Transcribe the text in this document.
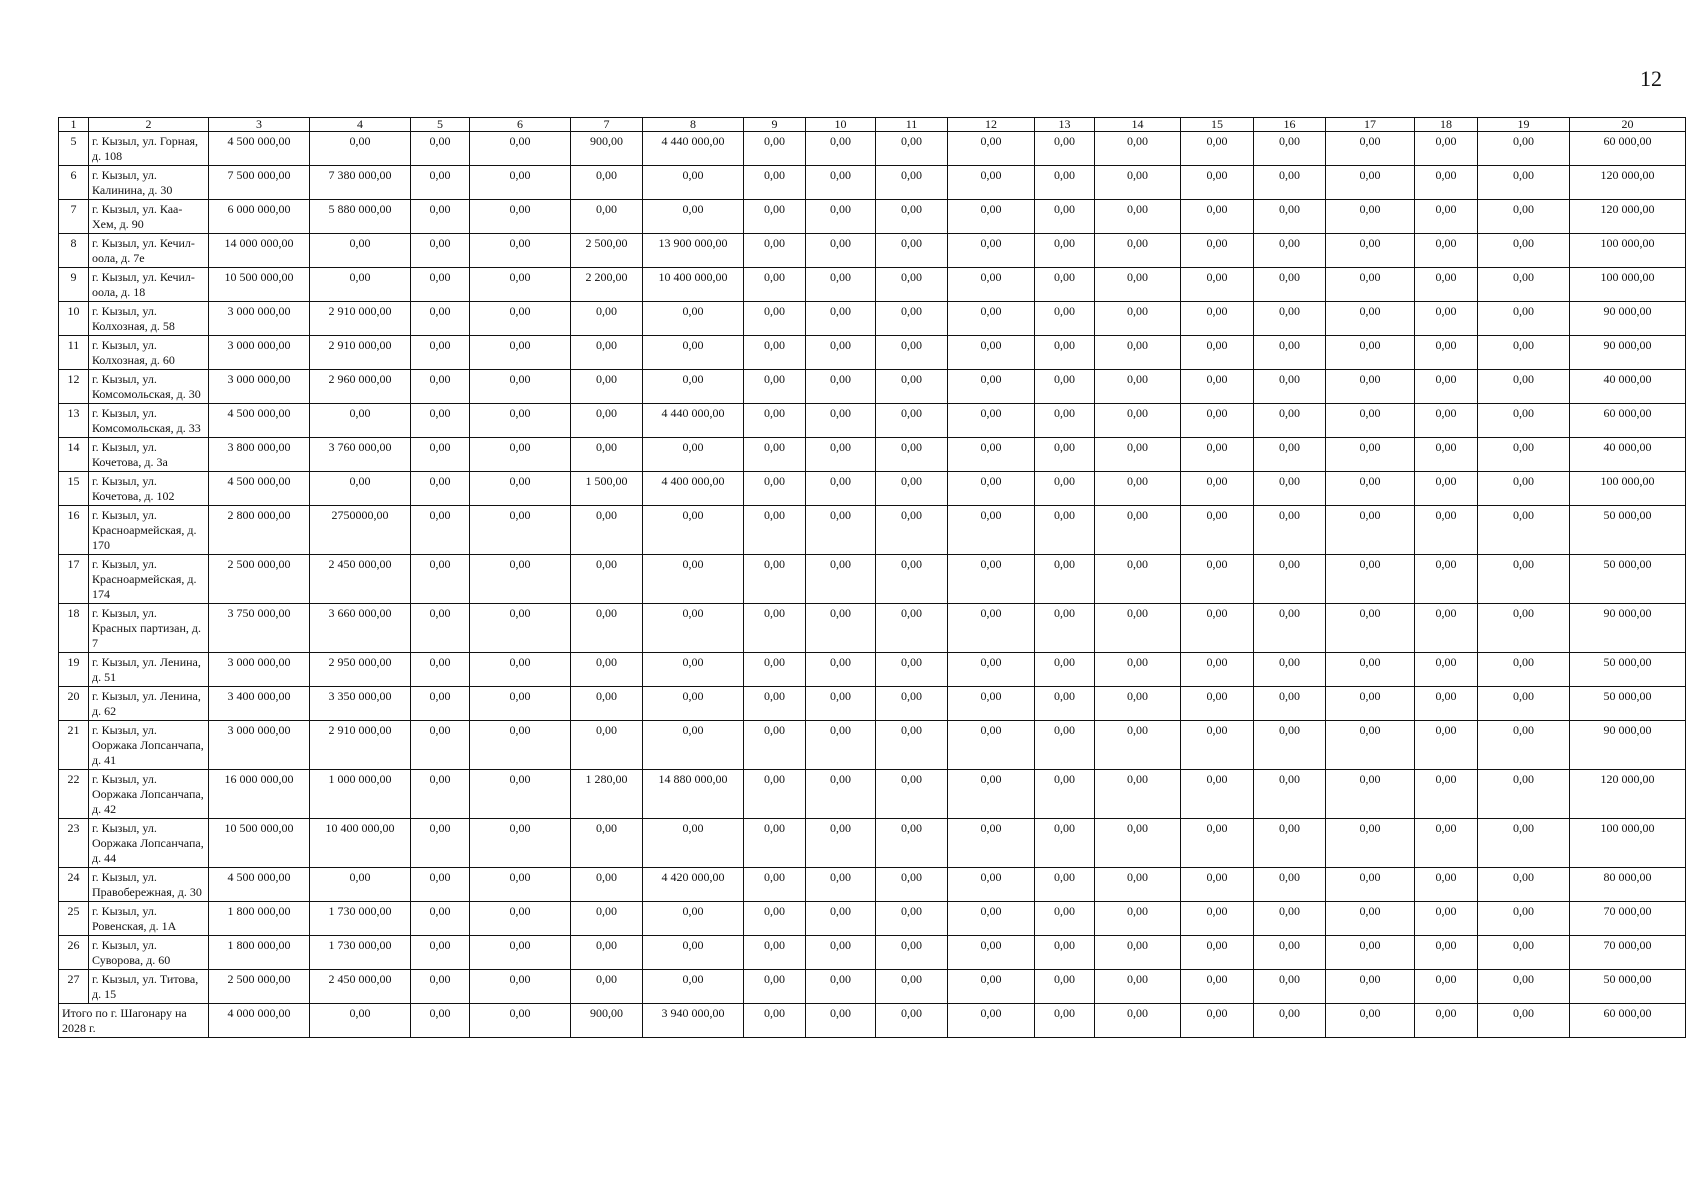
12
1	2	3	4	5	6	7	8	9	10	11	12	13	14	15	16	17	18	19	20
5	г. Кызыл, ул. Горная, д. 108	4 500 000,00	0,00	0,00	0,00	900,00	4 440 000,00	0,00	0,00	0,00	0,00	0,00	0,00	0,00	0,00	0,00	0,00	0,00	60 000,00
6	г. Кызыл, ул. Калинина, д. 30	7 500 000,00	7 380 000,00	0,00	0,00	0,00	0,00	0,00	0,00	0,00	0,00	0,00	0,00	0,00	0,00	0,00	0,00	0,00	120 000,00
7	г. Кызыл, ул. Каа-Хем, д. 90	6 000 000,00	5 880 000,00	0,00	0,00	0,00	0,00	0,00	0,00	0,00	0,00	0,00	0,00	0,00	0,00	0,00	0,00	0,00	120 000,00
8	г. Кызыл, ул. Кечил-оола, д. 7е	14 000 000,00	0,00	0,00	0,00	2 500,00	13 900 000,00	0,00	0,00	0,00	0,00	0,00	0,00	0,00	0,00	0,00	0,00	0,00	100 000,00
9	г. Кызыл, ул. Кечил-оола, д. 18	10 500 000,00	0,00	0,00	0,00	2 200,00	10 400 000,00	0,00	0,00	0,00	0,00	0,00	0,00	0,00	0,00	0,00	0,00	0,00	100 000,00
10	г. Кызыл, ул. Колхозная, д. 58	3 000 000,00	2 910 000,00	0,00	0,00	0,00	0,00	0,00	0,00	0,00	0,00	0,00	0,00	0,00	0,00	0,00	0,00	0,00	90 000,00
11	г. Кызыл, ул. Колхозная, д. 60	3 000 000,00	2 910 000,00	0,00	0,00	0,00	0,00	0,00	0,00	0,00	0,00	0,00	0,00	0,00	0,00	0,00	0,00	0,00	90 000,00
12	г. Кызыл, ул. Комсомольская, д. 30	3 000 000,00	2 960 000,00	0,00	0,00	0,00	0,00	0,00	0,00	0,00	0,00	0,00	0,00	0,00	0,00	0,00	0,00	0,00	40 000,00
13	г. Кызыл, ул. Комсомольская, д. 33	4 500 000,00	0,00	0,00	0,00	0,00	4 440 000,00	0,00	0,00	0,00	0,00	0,00	0,00	0,00	0,00	0,00	0,00	0,00	60 000,00
14	г. Кызыл, ул. Кочетова, д. 3а	3 800 000,00	3 760 000,00	0,00	0,00	0,00	0,00	0,00	0,00	0,00	0,00	0,00	0,00	0,00	0,00	0,00	0,00	0,00	40 000,00
15	г. Кызыл, ул. Кочетова, д. 102	4 500 000,00	0,00	0,00	0,00	1 500,00	4 400 000,00	0,00	0,00	0,00	0,00	0,00	0,00	0,00	0,00	0,00	0,00	0,00	100 000,00
16	г. Кызыл, ул. Красноармейская, д. 170	2 800 000,00	2750000,00	0,00	0,00	0,00	0,00	0,00	0,00	0,00	0,00	0,00	0,00	0,00	0,00	0,00	0,00	0,00	50 000,00
17	г. Кызыл, ул. Красноармейская, д. 174	2 500 000,00	2 450 000,00	0,00	0,00	0,00	0,00	0,00	0,00	0,00	0,00	0,00	0,00	0,00	0,00	0,00	0,00	0,00	50 000,00
18	г. Кызыл, ул. Красных партизан, д. 7	3 750 000,00	3 660 000,00	0,00	0,00	0,00	0,00	0,00	0,00	0,00	0,00	0,00	0,00	0,00	0,00	0,00	0,00	0,00	90 000,00
19	г. Кызыл, ул. Ленина, д. 51	3 000 000,00	2 950 000,00	0,00	0,00	0,00	0,00	0,00	0,00	0,00	0,00	0,00	0,00	0,00	0,00	0,00	0,00	0,00	50 000,00
20	г. Кызыл, ул. Ленина, д. 62	3 400 000,00	3 350 000,00	0,00	0,00	0,00	0,00	0,00	0,00	0,00	0,00	0,00	0,00	0,00	0,00	0,00	0,00	0,00	50 000,00
21	г. Кызыл, ул. Ооржака Лопсанчапа, д. 41	3 000 000,00	2 910 000,00	0,00	0,00	0,00	0,00	0,00	0,00	0,00	0,00	0,00	0,00	0,00	0,00	0,00	0,00	0,00	90 000,00
22	г. Кызыл, ул. Ооржака Лопсанчапа, д. 42	16 000 000,00	1 000 000,00	0,00	0,00	1 280,00	14 880 000,00	0,00	0,00	0,00	0,00	0,00	0,00	0,00	0,00	0,00	0,00	0,00	120 000,00
23	г. Кызыл, ул. Ооржака Лопсанчапа, д. 44	10 500 000,00	10 400 000,00	0,00	0,00	0,00	0,00	0,00	0,00	0,00	0,00	0,00	0,00	0,00	0,00	0,00	0,00	0,00	100 000,00
24	г. Кызыл, ул. Правобережная, д. 30	4 500 000,00	0,00	0,00	0,00	0,00	4 420 000,00	0,00	0,00	0,00	0,00	0,00	0,00	0,00	0,00	0,00	0,00	0,00	80 000,00
25	г. Кызыл, ул. Ровенская, д. 1А	1 800 000,00	1 730 000,00	0,00	0,00	0,00	0,00	0,00	0,00	0,00	0,00	0,00	0,00	0,00	0,00	0,00	0,00	0,00	70 000,00
26	г. Кызыл, ул. Суворова, д. 60	1 800 000,00	1 730 000,00	0,00	0,00	0,00	0,00	0,00	0,00	0,00	0,00	0,00	0,00	0,00	0,00	0,00	0,00	0,00	70 000,00
27	г. Кызыл, ул. Титова, д. 15	2 500 000,00	2 450 000,00	0,00	0,00	0,00	0,00	0,00	0,00	0,00	0,00	0,00	0,00	0,00	0,00	0,00	0,00	0,00	50 000,00
Итого по г. Шагонару на 2028 г.		4 000 000,00	0,00	0,00	0,00	900,00	3 940 000,00	0,00	0,00	0,00	0,00	0,00	0,00	0,00	0,00	0,00	0,00	0,00	60 000,00
